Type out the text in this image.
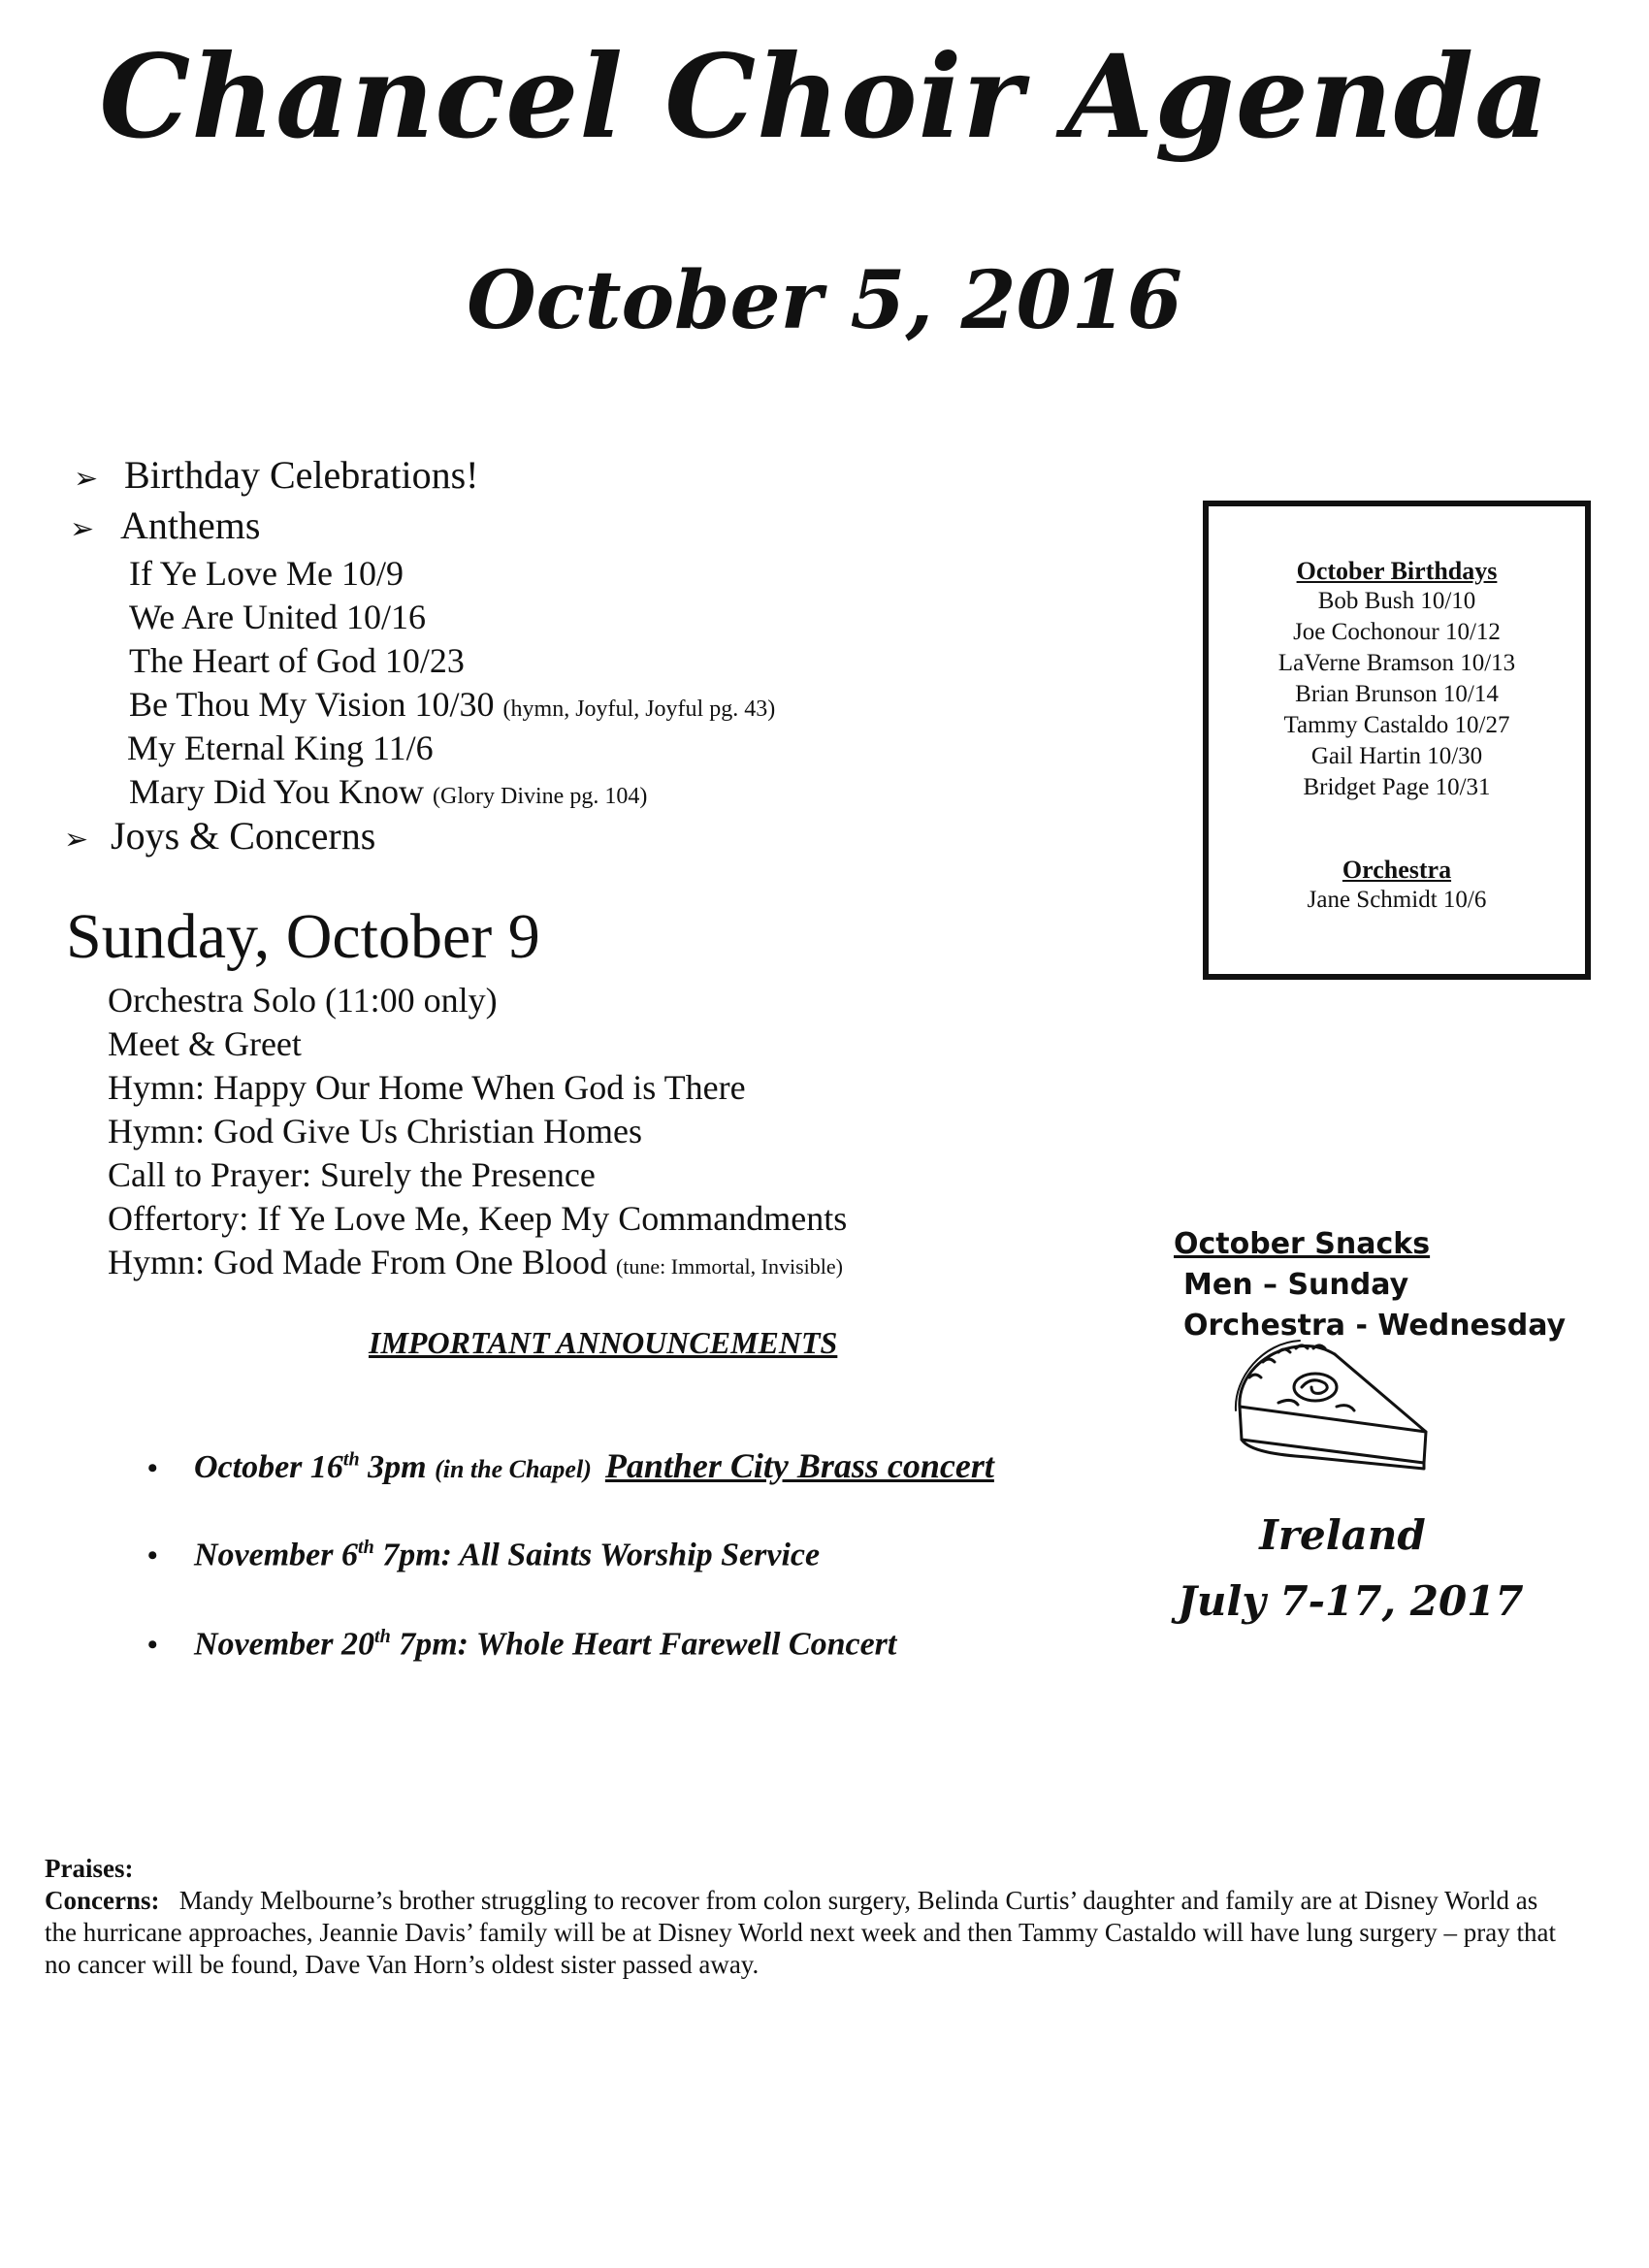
Chancel Choir Agenda
October 5, 2016
➢ Birthday Celebrations!
➢ Anthems
If Ye Love Me 10/9
We Are United 10/16
The Heart of God 10/23
Be Thou My Vision 10/30 (hymn, Joyful, Joyful pg. 43)
My Eternal King 11/6
Mary Did You Know (Glory Divine pg. 104)
➢ Joys & Concerns
Sunday, October 9
Orchestra Solo (11:00 only)
Meet & Greet
Hymn: Happy Our Home When God is There
Hymn: God Give Us Christian Homes
Call to Prayer: Surely the Presence
Offertory: If Ye Love Me, Keep My Commandments
Hymn: God Made From One Blood (tune: Immortal, Invisible)
IMPORTANT ANNOUNCEMENTS
• October 16th 3pm (in the Chapel) Panther City Brass concert
• November 6th 7pm: All Saints Worship Service
• November 20th 7pm: Whole Heart Farewell Concert
October Birthdays
Bob Bush 10/10
Joe Cochonour 10/12
LaVerne Bramson 10/13
Brian Brunson 10/14
Tammy Castaldo 10/27
Gail Hartin 10/30
Bridget Page 10/31
Orchestra
Jane Schmidt 10/6
October Snacks
Men – Sunday
Orchestra - Wednesday
Ireland
July 7-17, 2017
Praises:
Concerns: Mandy Melbourne’s brother struggling to recover from colon surgery, Belinda Curtis’ daughter and family are at Disney World as the hurricane approaches, Jeannie Davis’ family will be at Disney World next week and then Tammy Castaldo will have lung surgery – pray that no cancer will be found, Dave Van Horn’s oldest sister passed away.
